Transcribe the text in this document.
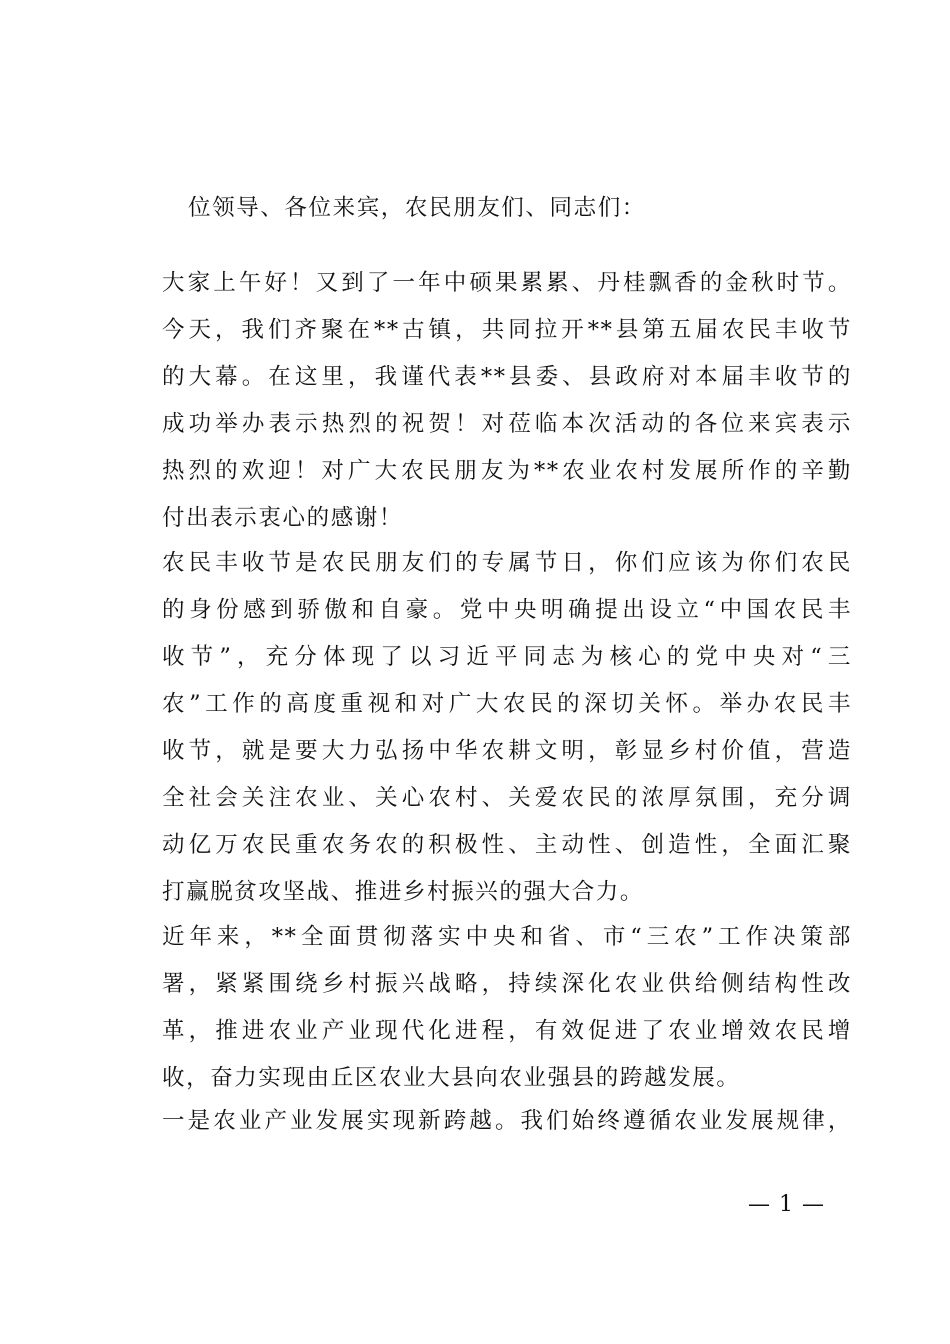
位领导、各位来宾，农民朋友们、同志们：
大家上午好！又到了一年中硕果累累、丹桂飘香的金秋时节。
今天，我们齐聚在**古镇，共同拉开**县第五届农民丰收节
的大幕。在这里，我谨代表**县委、县政府对本届丰收节的
成功举办表示热烈的祝贺！对莅临本次活动的各位来宾表示
热烈的欢迎！对广大农民朋友为**农业农村发展所作的辛勤
付出表示衷心的感谢！
农民丰收节是农民朋友们的专属节日，你们应该为你们农民
的身份感到骄傲和自豪。党中央明确提出设立“中国农民丰
收节”，充分体现了以习近平同志为核心的党中央对“三
农”工作的高度重视和对广大农民的深切关怀。举办农民丰
收节，就是要大力弘扬中华农耕文明，彰显乡村价值，营造
全社会关注农业、关心农村、关爱农民的浓厚氛围，充分调
动亿万农民重农务农的积极性、主动性、创造性，全面汇聚
打赢脱贫攻坚战、推进乡村振兴的强大合力。
近年来，**全面贯彻落实中央和省、市“三农”工作决策部
署，紧紧围绕乡村振兴战略，持续深化农业供给侧结构性改
革，推进农业产业现代化进程，有效促进了农业增效农民增
收，奋力实现由丘区农业大县向农业强县的跨越发展。
一是农业产业发展实现新跨越。我们始终遵循农业发展规律，
— 1 —
